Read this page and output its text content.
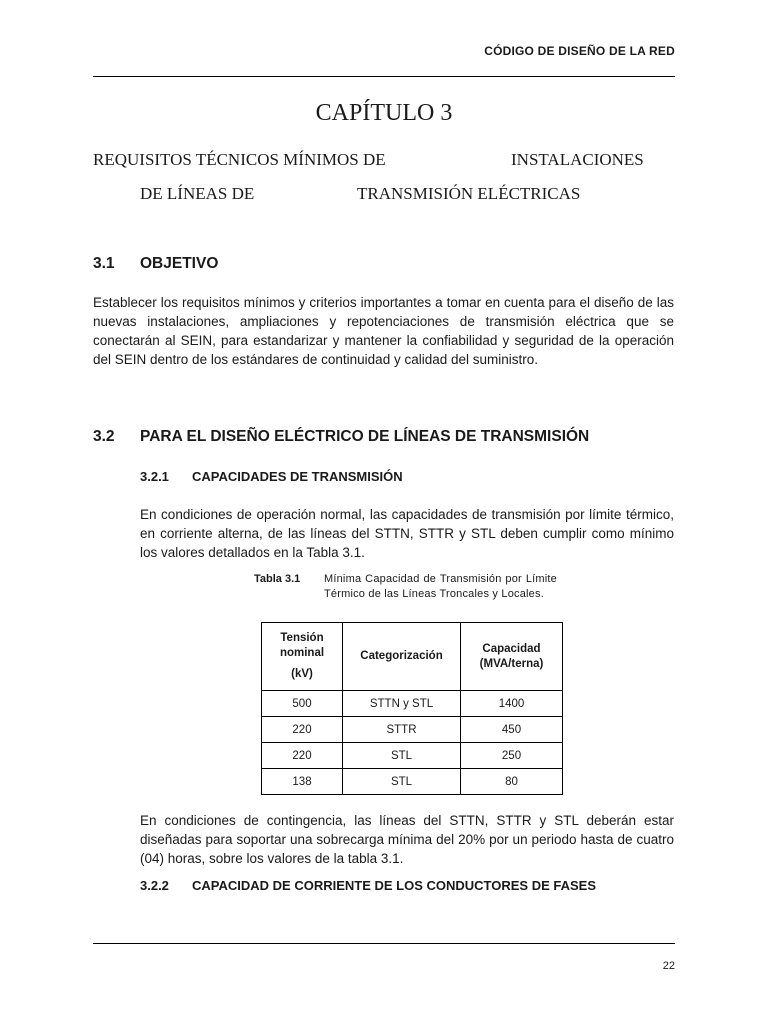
CÓDIGO DE DISEÑO DE LA RED
CAPÍTULO 3
REQUISITOS TÉCNICOS MÍNIMOS DE	INSTALACIONES
DE LÍNEAS DE	TRANSMISIÓN ELÉCTRICAS
3.1 OBJETIVO

Establecer los requisitos mínimos y criterios importantes a tomar en cuenta para el diseño de las nuevas instalaciones, ampliaciones y repotenciaciones de transmisión eléctrica que se conectarán al SEIN, para estandarizar y mantener la confiabilidad y seguridad de la operación del SEIN dentro de los estándares de continuidad y calidad del suministro.

3.2 PARA EL DISEÑO ELÉCTRICO DE LÍNEAS DE TRANSMISIÓN
3.2.1 CAPACIDADES DE TRANSMISIÓN

En condiciones de operación normal, las capacidades de transmisión por límite térmico, en corriente alterna, de las líneas del STTN, STTR y STL deben cumplir como mínimo los valores detallados en la Tabla 3.1.

Tabla 3.1 Mínima Capacidad de Transmisión por Límite Térmico de las Líneas Troncales y Locales.
Tensión nominal
(kV)	Categorización	Capacidad
(MVA/terna)
500	STTN y STL	1400
220	STTR	450
220	STL	250
138	STL	80

En condiciones de contingencia, las líneas del STTN, STTR y STL deberán estar diseñadas para soportar una sobrecarga mínima del 20% por un periodo hasta de cuatro (04) horas, sobre los valores de la tabla 3.1.

3.2.2 CAPACIDAD DE CORRIENTE DE LOS CONDUCTORES DE FASES
22
